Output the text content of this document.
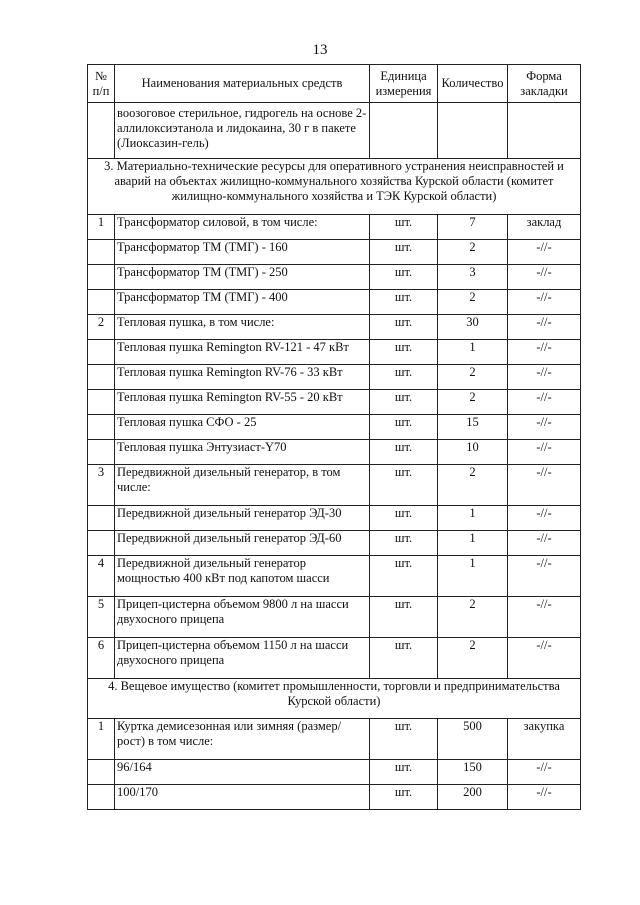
13
№ п/п	Наименования материальных средств	Единица измерения	Количество	Форма закладки
	воозоговое стерильное, гидрогель на основе 2-аллилоксиэтанола и лидокаина, 30 г в пакете (Лиоксазин-гель)			
3. Материально-технические ресурсы для оперативного устранения неисправностей и аварий на объектах жилищно-коммунального хозяйства Курской области (комитет жилищно-коммунального хозяйства и ТЭК Курской области)				
1	Трансформатор силовой, в том числе:	шт.	7	заклад
	Трансформатор ТМ (ТМГ) - 160	шт.	2	-//-
	Трансформатор ТМ (ТМГ) - 250	шт.	3	-//-
	Трансформатор ТМ (ТМГ) - 400	шт.	2	-//-
2	Тепловая пушка, в том числе:	шт.	30	-//-
	Тепловая пушка Remington RV-121 - 47 кВт	шт.	1	-//-
	Тепловая пушка Remington RV-76 - 33 кВт	шт.	2	-//-
	Тепловая пушка Remington RV-55 - 20 кВт	шт.	2	-//-
	Тепловая пушка СФО - 25	шт.	15	-//-
	Тепловая пушка Энтузиаст-Y70	шт.	10	-//-
3	Передвижной дизельный генератор, в том числе:	шт.	2	-//-
	Передвижной дизельный генератор ЭД-30	шт.	1	-//-
	Передвижной дизельный генератор ЭД-60	шт.	1	-//-
4	Передвижной дизельный генератор мощностью 400 кВт под капотом шасси	шт.	1	-//-
5	Прицеп-цистерна объемом 9800 л на шасси двухосного прицепа	шт.	2	-//-
6	Прицеп-цистерна объемом 1150 л на шасси двухосного прицепа	шт.	2	-//-
4. Вещевое имущество (комитет промышленности, торговли и предпринимательства Курской области)				
1	Куртка демисезонная или зимняя (размер/рост) в том числе:	шт.	500	закупка
	96/164	шт.	150	-//-
	100/170	шт.	200	-//-
